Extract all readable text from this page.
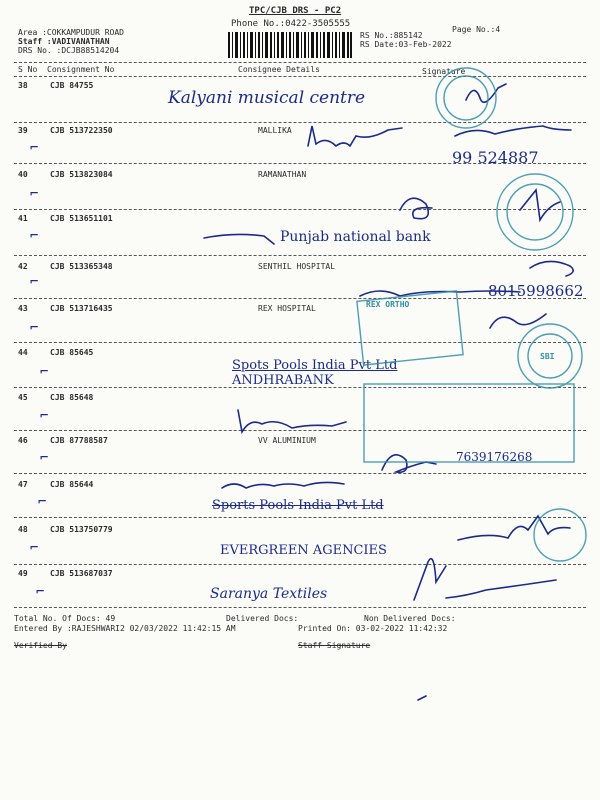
TPC/CJB DRS - PC2
Phone No.:0422-3505555
Area :COKKAMPUDUR ROAD
Staff :VADIVANATHAN
DRS No. :DCJB88514204
Page No.:4
RS No.:885142
RS Date:03-Feb-2022
S No Consignment No	Consignee Details	Signature
38	CJB 84755
Kalyani musical centre
39	CJB 513722350	MALLIKA
⌐	99 524887
40	CJB 513823084	RAMANATHAN
⌐
41	CJB 513651101
⌐	Punjab national bank
42	CJB 513365348	SENTHIL HOSPITAL
⌐	8015998662
43	CJB 513716435	REX HOSPITAL
⌐
44	CJB 85645
⌐	Spots Pools India Pvt Ltd
ANDHRABANK
45	CJB 85648
⌐
46	CJB 87788587	VV ALUMINIUM
⌐	7639176268
47	CJB 85644
⌐	Sports Pools India Pvt Ltd
48	CJB 513750779
⌐	EVERGREEN AGENCIES
49	CJB 513687037
⌐	Saranya Textiles
REX ORTHO
SBI
Total No. Of Docs: 49	Delivered Docs:	Non Delivered Docs:
Entered By :RAJESHWARI2 02/03/2022 11:42:15 AM	Printed On: 03-02-2022 11:42:32
Verified By	Staff Signature
